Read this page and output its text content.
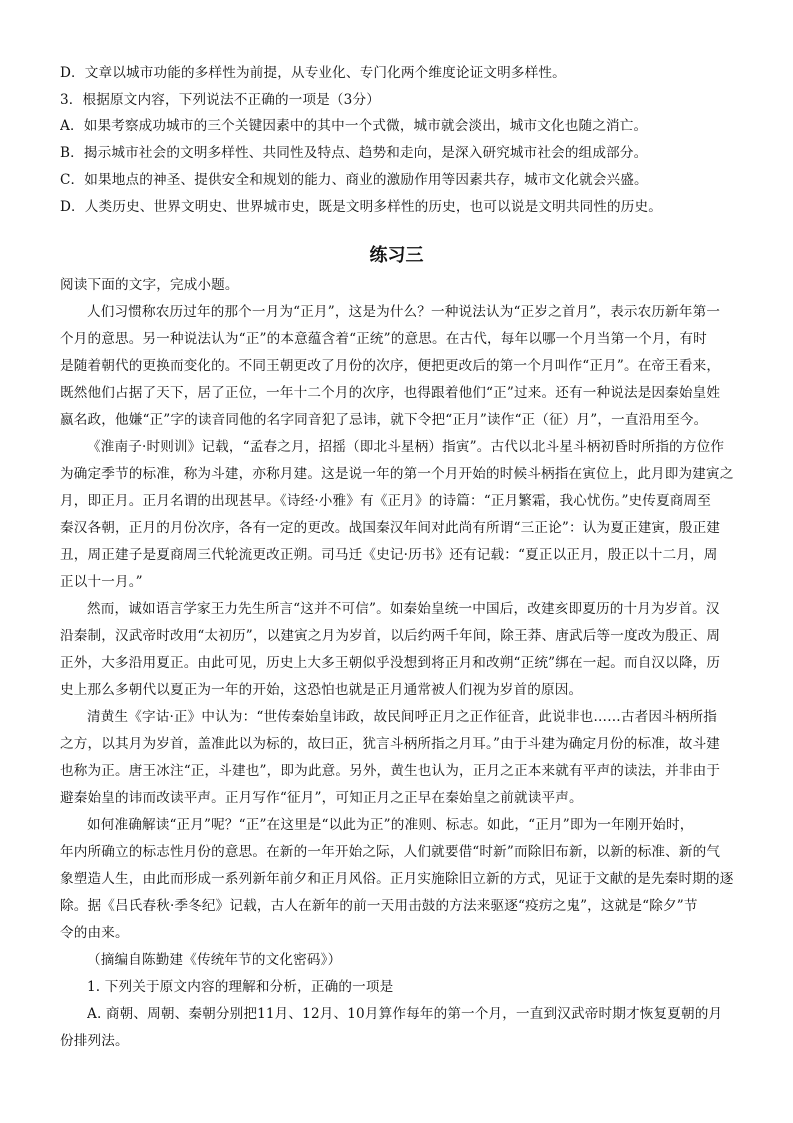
D．文章以城市功能的多样性为前提，从专业化、专门化两个维度论证文明多样性。
3．根据原文内容，下列说法不正确的一项是（3分）
A．如果考察成功城市的三个关键因素中的其中一个式微，城市就会淡出，城市文化也随之消亡。
B．揭示城市社会的文明多样性、共同性及特点、趋势和走向，是深入研究城市社会的组成部分。
C．如果地点的神圣、提供安全和规划的能力、商业的激励作用等因素共存，城市文化就会兴盛。
D．人类历史、世界文明史、世界城市史，既是文明多样性的历史，也可以说是文明共同性的历史。
练习三
阅读下面的文字，完成小题。
人们习惯称农历过年的那个一月为“正月”，这是为什么？一种说法认为“正岁之首月”，表示农历新年第一
个月的意思。另一种说法认为“正”的本意蕴含着“正统”的意思。在古代，每年以哪一个月当第一个月，有时
是随着朝代的更换而变化的。不同王朝更改了月份的次序，便把更改后的第一个月叫作“正月”。在帝王看来，
既然他们占据了天下，居了正位，一年十二个月的次序，也得跟着他们“正”过来。还有一种说法是因秦始皇姓
嬴名政，他嫌“正”字的读音同他的名字同音犯了忌讳，就下令把“正月”读作“正（征）月”，一直沿用至今。
《淮南子·时则训》记载，“孟春之月，招摇（即北斗星柄）指寅”。古代以北斗星斗柄初昏时所指的方位作
为确定季节的标准，称为斗建，亦称月建。这是说一年的第一个月开始的时候斗柄指在寅位上，此月即为建寅之
月，即正月。正月名谓的出现甚早。《诗经·小雅》有《正月》的诗篇：“正月繁霜，我心忧伤。”史传夏商周至
秦汉各朝，正月的月份次序，各有一定的更改。战国秦汉年间对此尚有所谓“三正论”：认为夏正建寅，殷正建
丑，周正建子是夏商周三代轮流更改正朔。司马迁《史记·历书》还有记载：“夏正以正月，殷正以十二月，周
正以十一月。”
然而，诚如语言学家王力先生所言“这并不可信”。如秦始皇统一中国后，改建亥即夏历的十月为岁首。汉
沿秦制，汉武帝时改用“太初历”，以建寅之月为岁首，以后约两千年间，除王莽、唐武后等一度改为殷正、周
正外，大多沿用夏正。由此可见，历史上大多王朝似乎没想到将正月和改朔“正统”绑在一起。而自汉以降，历
史上那么多朝代以夏正为一年的开始，这恐怕也就是正月通常被人们视为岁首的原因。
清黄生《字诂·正》中认为：“世传秦始皇讳政，故民间呼正月之正作征音，此说非也……古者因斗柄所指
之方，以其月为岁首，盖准此以为标的，故曰正，犹言斗柄所指之月耳。”由于斗建为确定月份的标准，故斗建
也称为正。唐王冰注“正，斗建也”，即为此意。另外，黄生也认为，正月之正本来就有平声的读法，并非由于
避秦始皇的讳而改读平声。正月写作“征月”，可知正月之正早在秦始皇之前就读平声。
如何准确解读“正月”呢？“正”在这里是“以此为正”的准则、标志。如此，“正月”即为一年刚开始时，
年内所确立的标志性月份的意思。在新的一年开始之际，人们就要借“时新”而除旧布新，以新的标准、新的气
象塑造人生，由此而形成一系列新年前夕和正月风俗。正月实施除旧立新的方式，见证于文献的是先秦时期的逐
除。据《吕氏春秋·季冬纪》记载，古人在新年的前一天用击鼓的方法来驱逐“疫疠之鬼”，这就是“除夕”节
令的由来。
（摘编自陈勤建《传统年节的文化密码》）
1. 下列关于原文内容的理解和分析，正确的一项是
A. 商朝、周朝、秦朝分别把11月、12月、10月算作每年的第一个月，一直到汉武帝时期才恢复夏朝的月
份排列法。
